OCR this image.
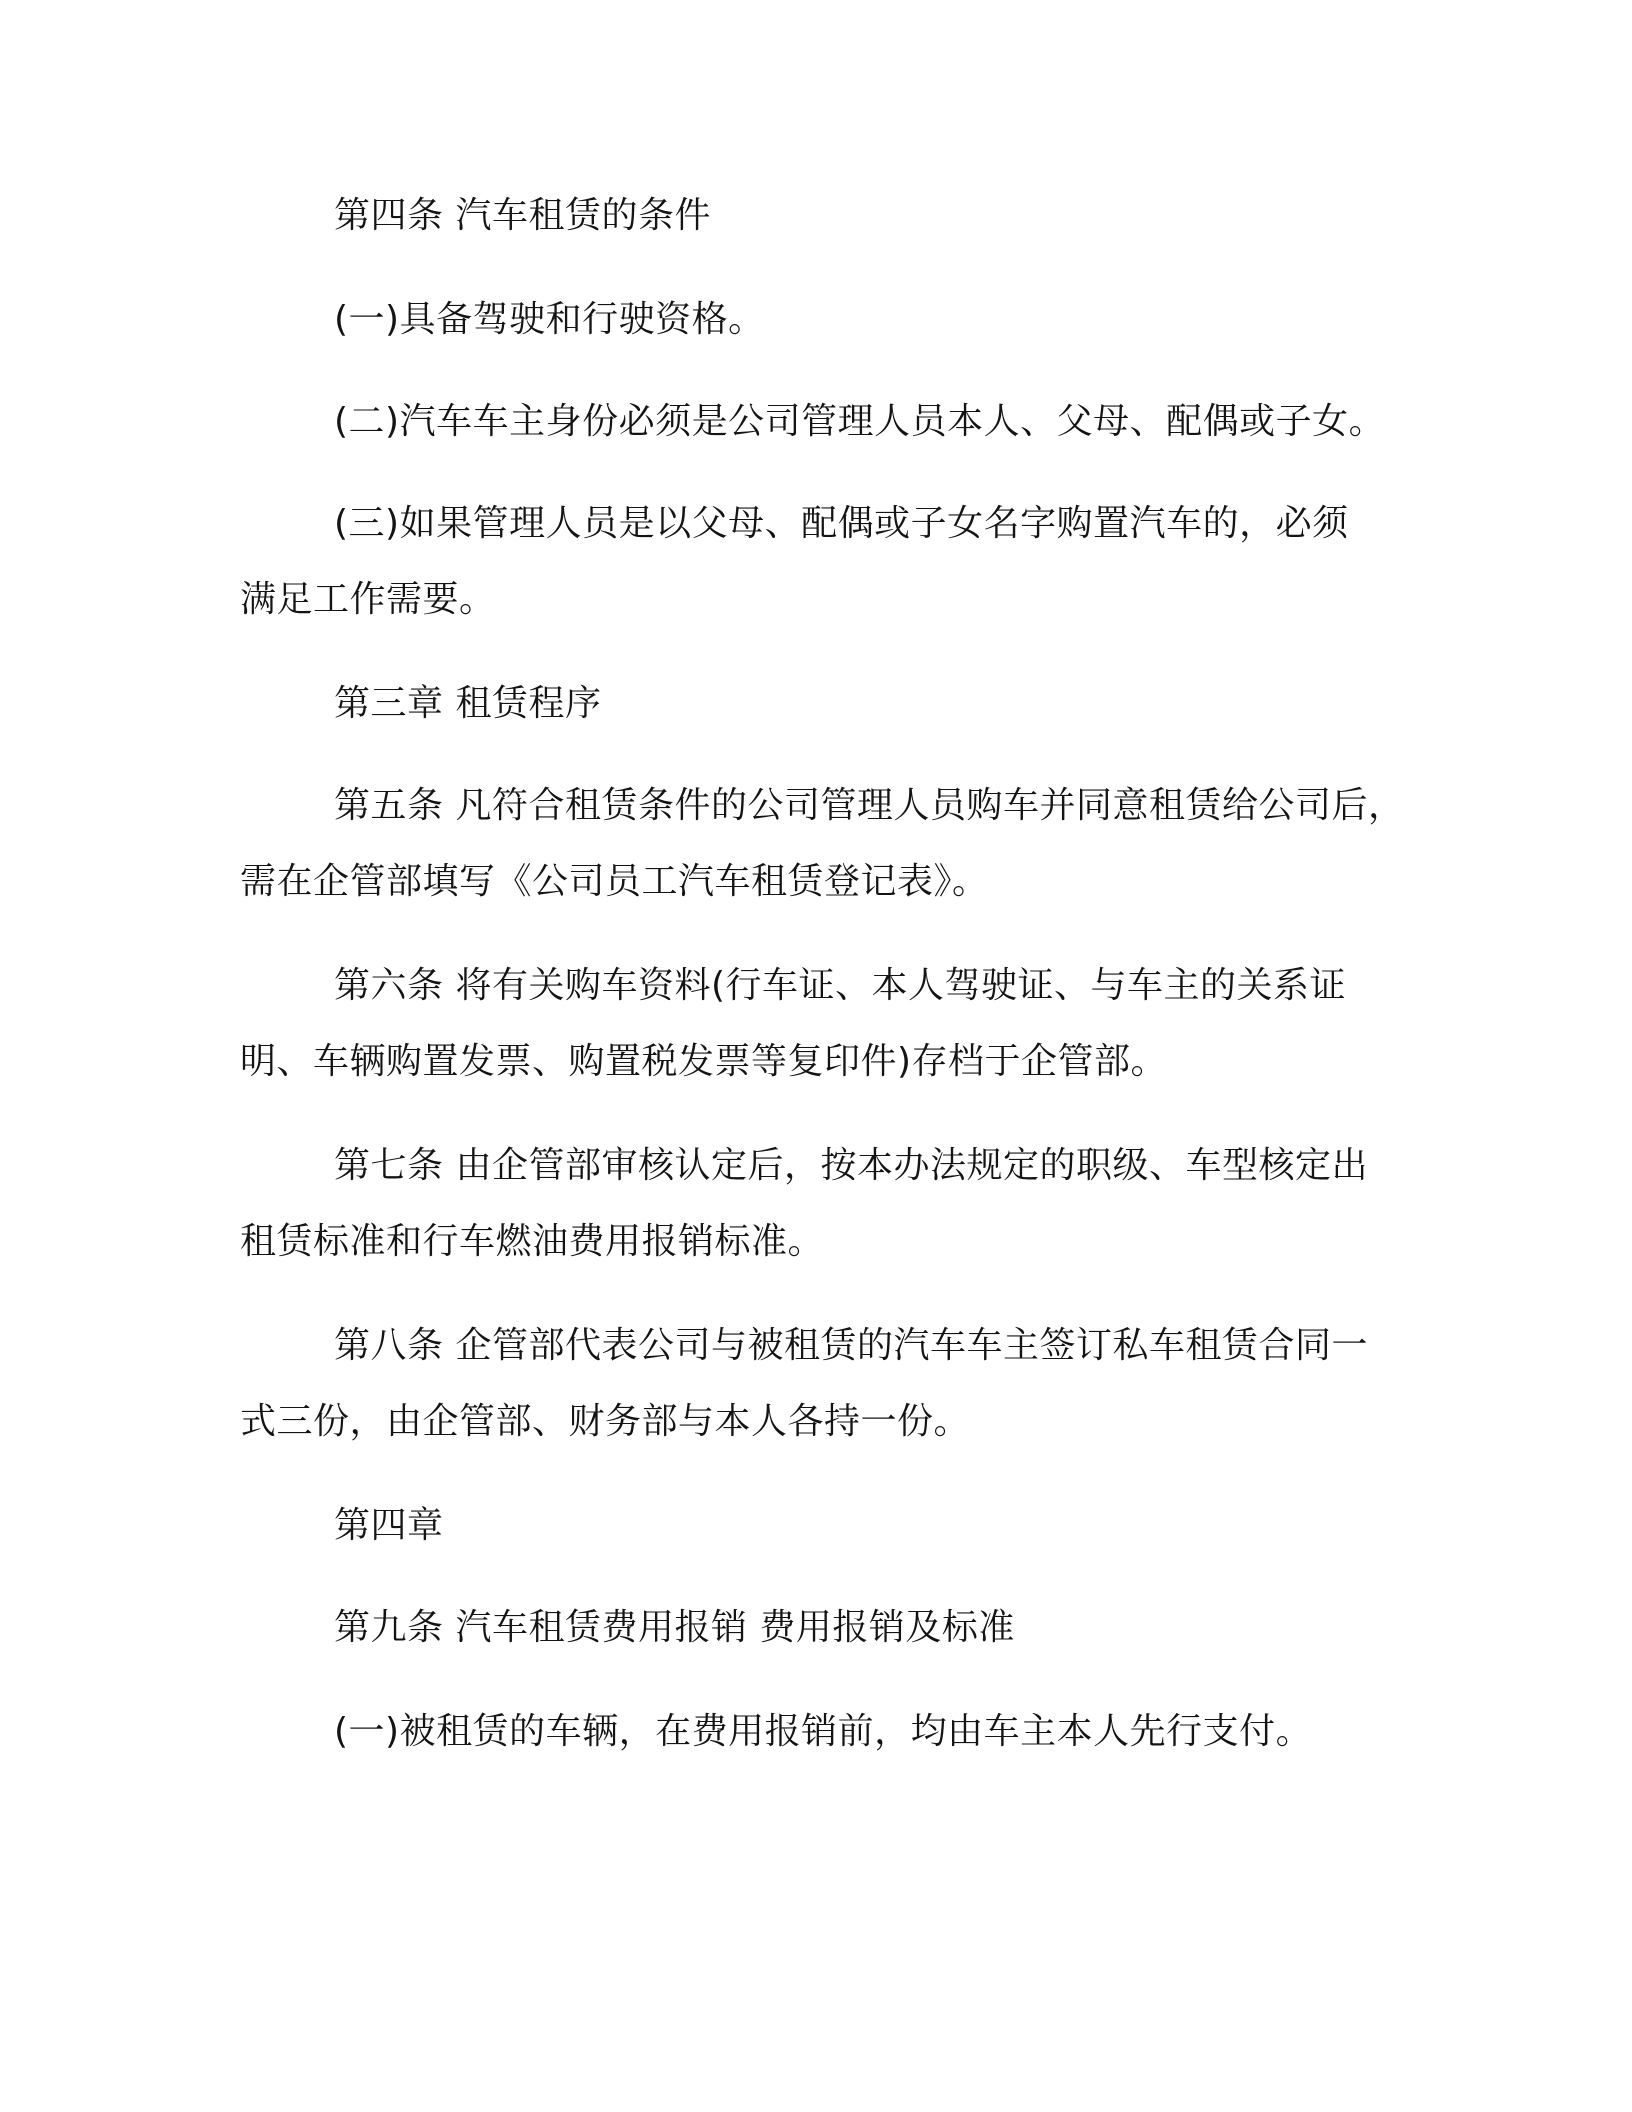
第四条 汽车租赁的条件
(一)具备驾驶和行驶资格。
(二)汽车车主身份必须是公司管理人员本人、父母、配偶或子女。
(三)如果管理人员是以父母、配偶或子女名字购置汽车的，必须
满足工作需要。
第三章 租赁程序
第五条 凡符合租赁条件的公司管理人员购车并同意租赁给公司后，
需在企管部填写《公司员工汽车租赁登记表》。
第六条 将有关购车资料(行车证、本人驾驶证、与车主的关系证
明、车辆购置发票、购置税发票等复印件)存档于企管部。
第七条 由企管部审核认定后，按本办法规定的职级、车型核定出
租赁标准和行车燃油费用报销标准。
第八条 企管部代表公司与被租赁的汽车车主签订私车租赁合同一
式三份，由企管部、财务部与本人各持一份。
第四章
第九条 汽车租赁费用报销 费用报销及标准
(一)被租赁的车辆，在费用报销前，均由车主本人先行支付。
